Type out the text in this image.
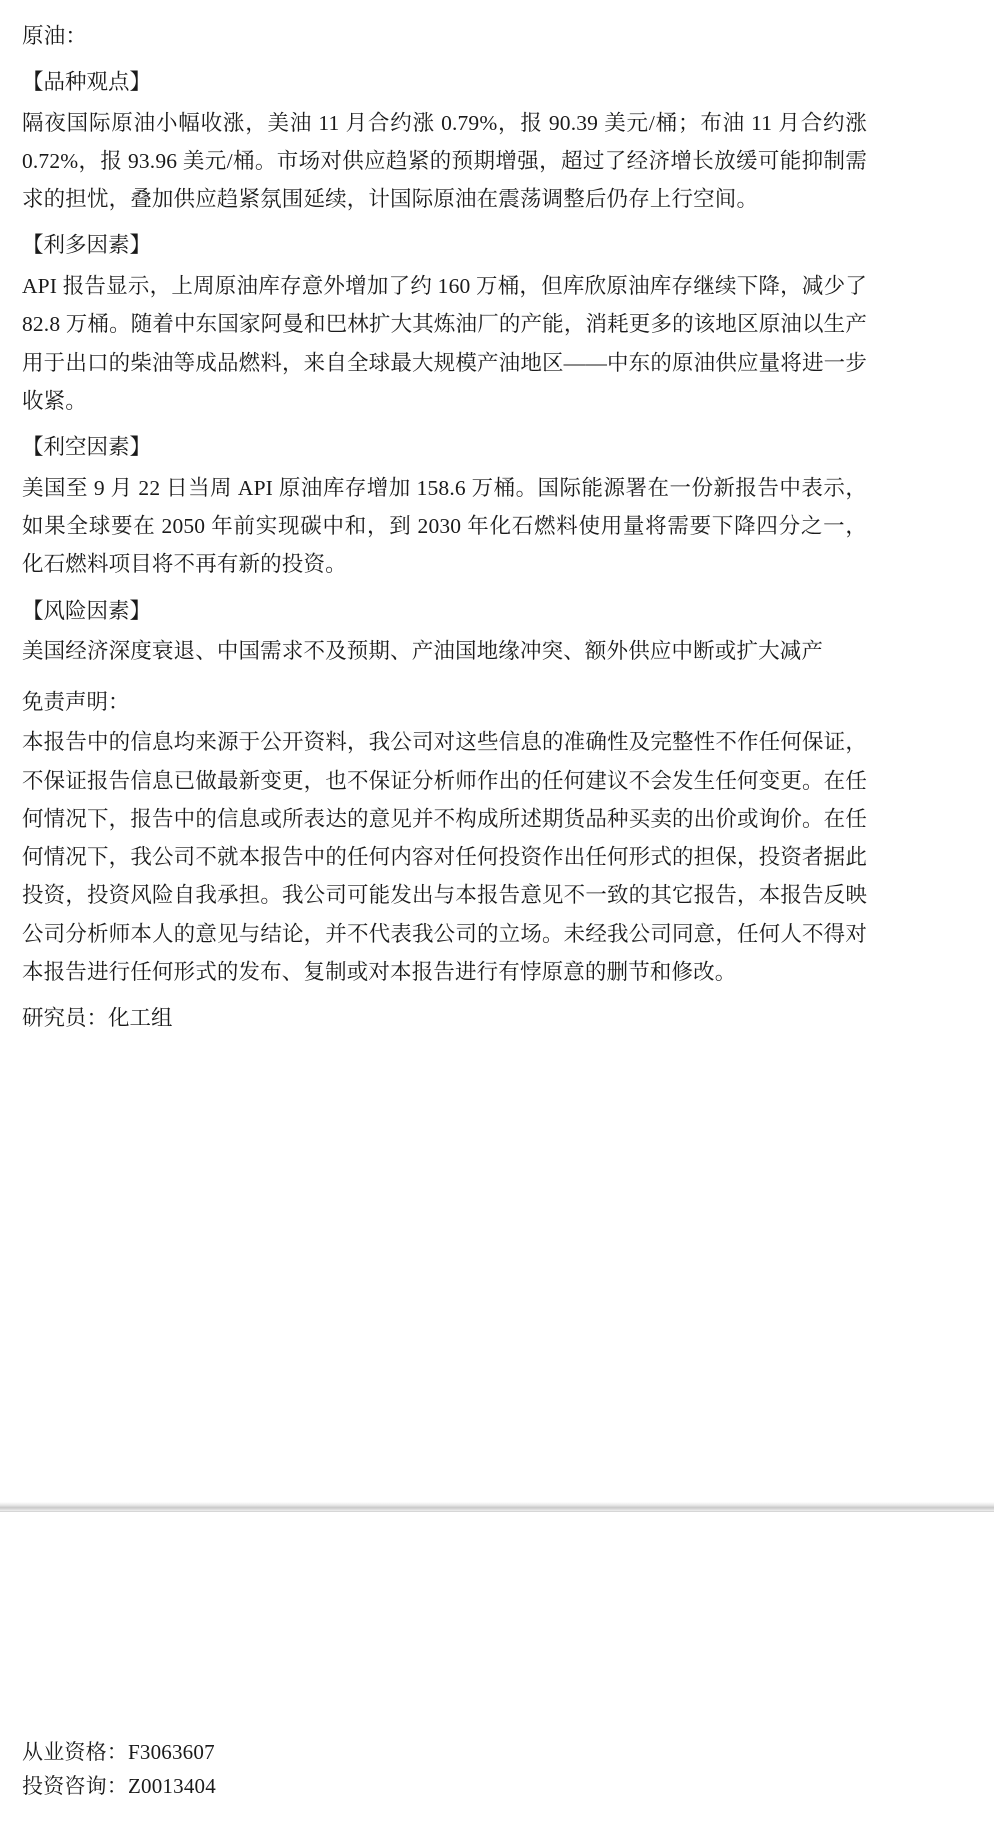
原油：
【品种观点】
隔夜国际原油小幅收涨，美油 11 月合约涨 0.79%，报 90.39 美元/桶；布油 11 月合约涨 0.72%，报 93.96 美元/桶。市场对供应趋紧的预期增强，超过了经济增长放缓可能抑制需求的担忧，叠加供应趋紧氛围延续，计国际原油在震荡调整后仍存上行空间。
【利多因素】
API 报告显示，上周原油库存意外增加了约 160 万桶，但库欣原油库存继续下降，减少了 82.8 万桶。随着中东国家阿曼和巴林扩大其炼油厂的产能，消耗更多的该地区原油以生产用于出口的柴油等成品燃料，来自全球最大规模产油地区——中东的原油供应量将进一步收紧。
【利空因素】
美国至 9 月 22 日当周 API 原油库存增加 158.6 万桶。国际能源署在一份新报告中表示，如果全球要在 2050 年前实现碳中和，到 2030 年化石燃料使用量将需要下降四分之一，化石燃料项目将不再有新的投资。
【风险因素】
美国经济深度衰退、中国需求不及预期、产油国地缘冲突、额外供应中断或扩大减产
免责声明：
本报告中的信息均来源于公开资料，我公司对这些信息的准确性及完整性不作任何保证，不保证报告信息已做最新变更，也不保证分析师作出的任何建议不会发生任何变更。在任何情况下，报告中的信息或所表达的意见并不构成所述期货品种买卖的出价或询价。在任何情况下，我公司不就本报告中的任何内容对任何投资作出任何形式的担保，投资者据此投资，投资风险自我承担。我公司可能发出与本报告意见不一致的其它报告，本报告反映公司分析师本人的意见与结论，并不代表我公司的立场。未经我公司同意，任何人不得对本报告进行任何形式的发布、复制或对本报告进行有悖原意的删节和修改。
研究员：化工组
从业资格：F3063607
投资咨询：Z0013404
